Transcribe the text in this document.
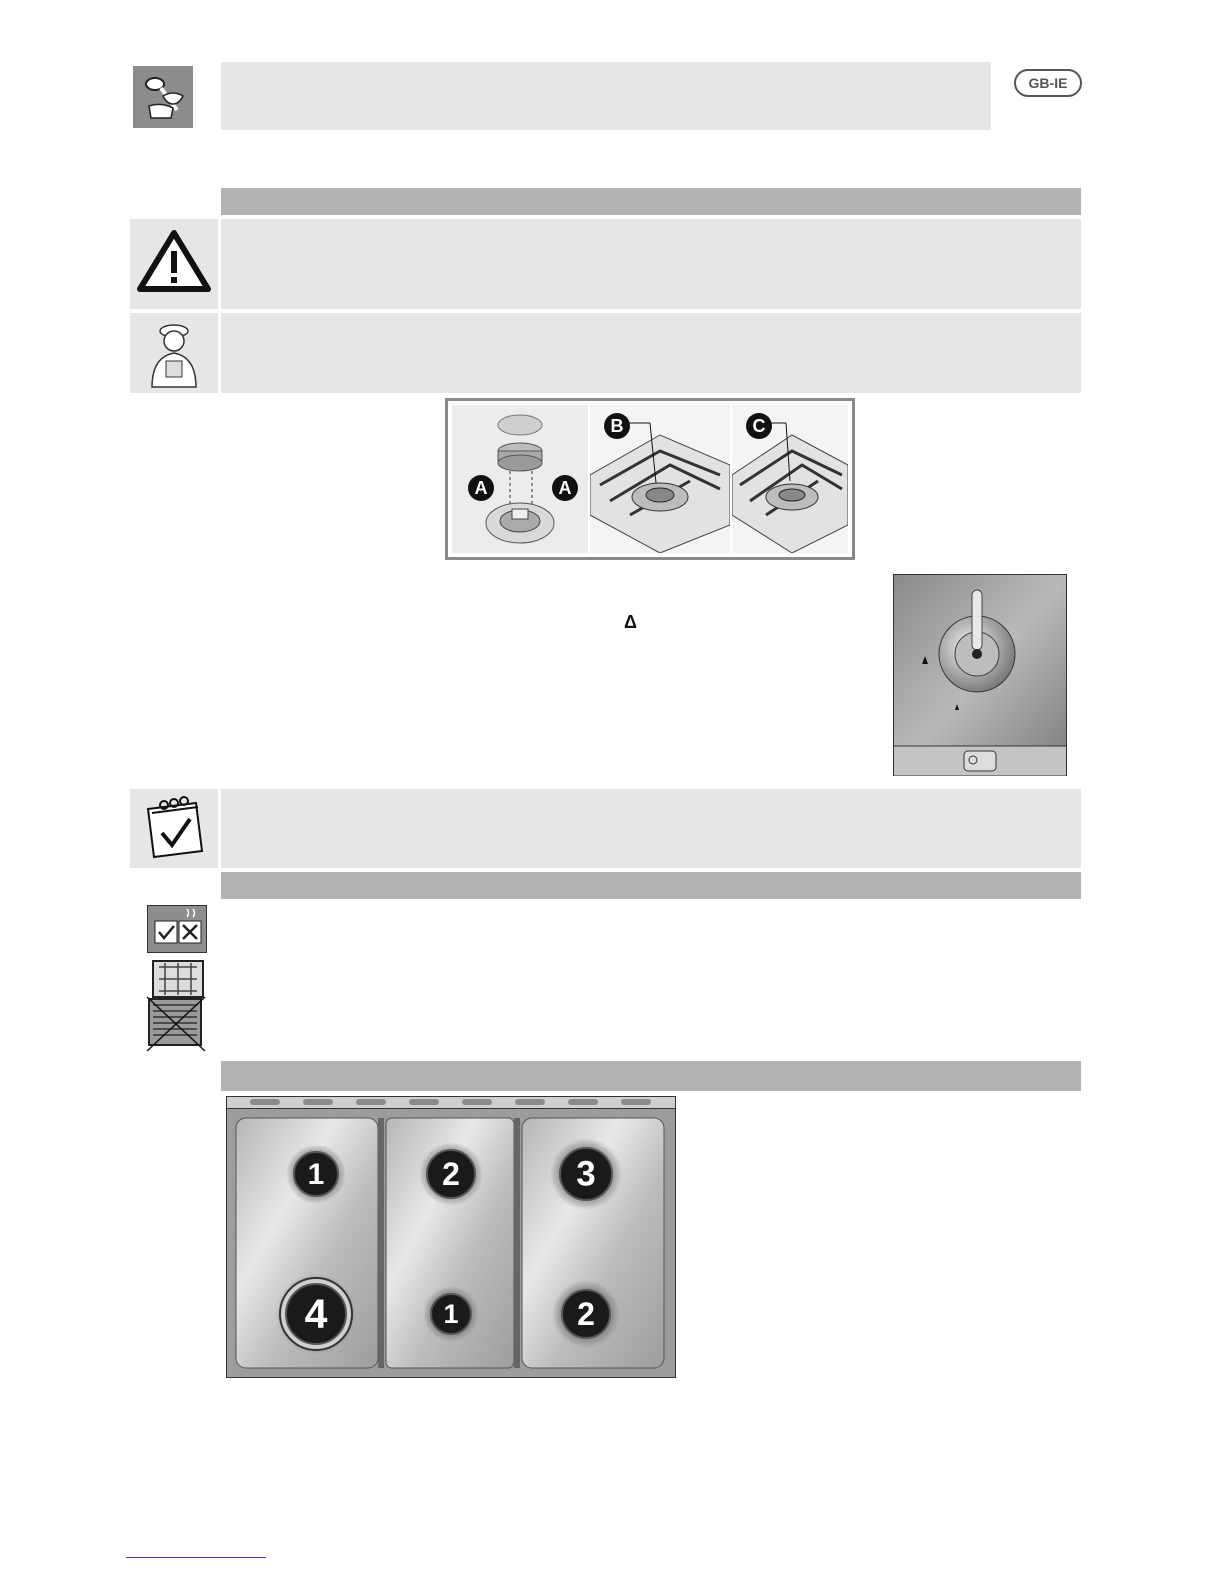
GB-IE
A	A
B	C
Δ
1	2	3
4	1	2
